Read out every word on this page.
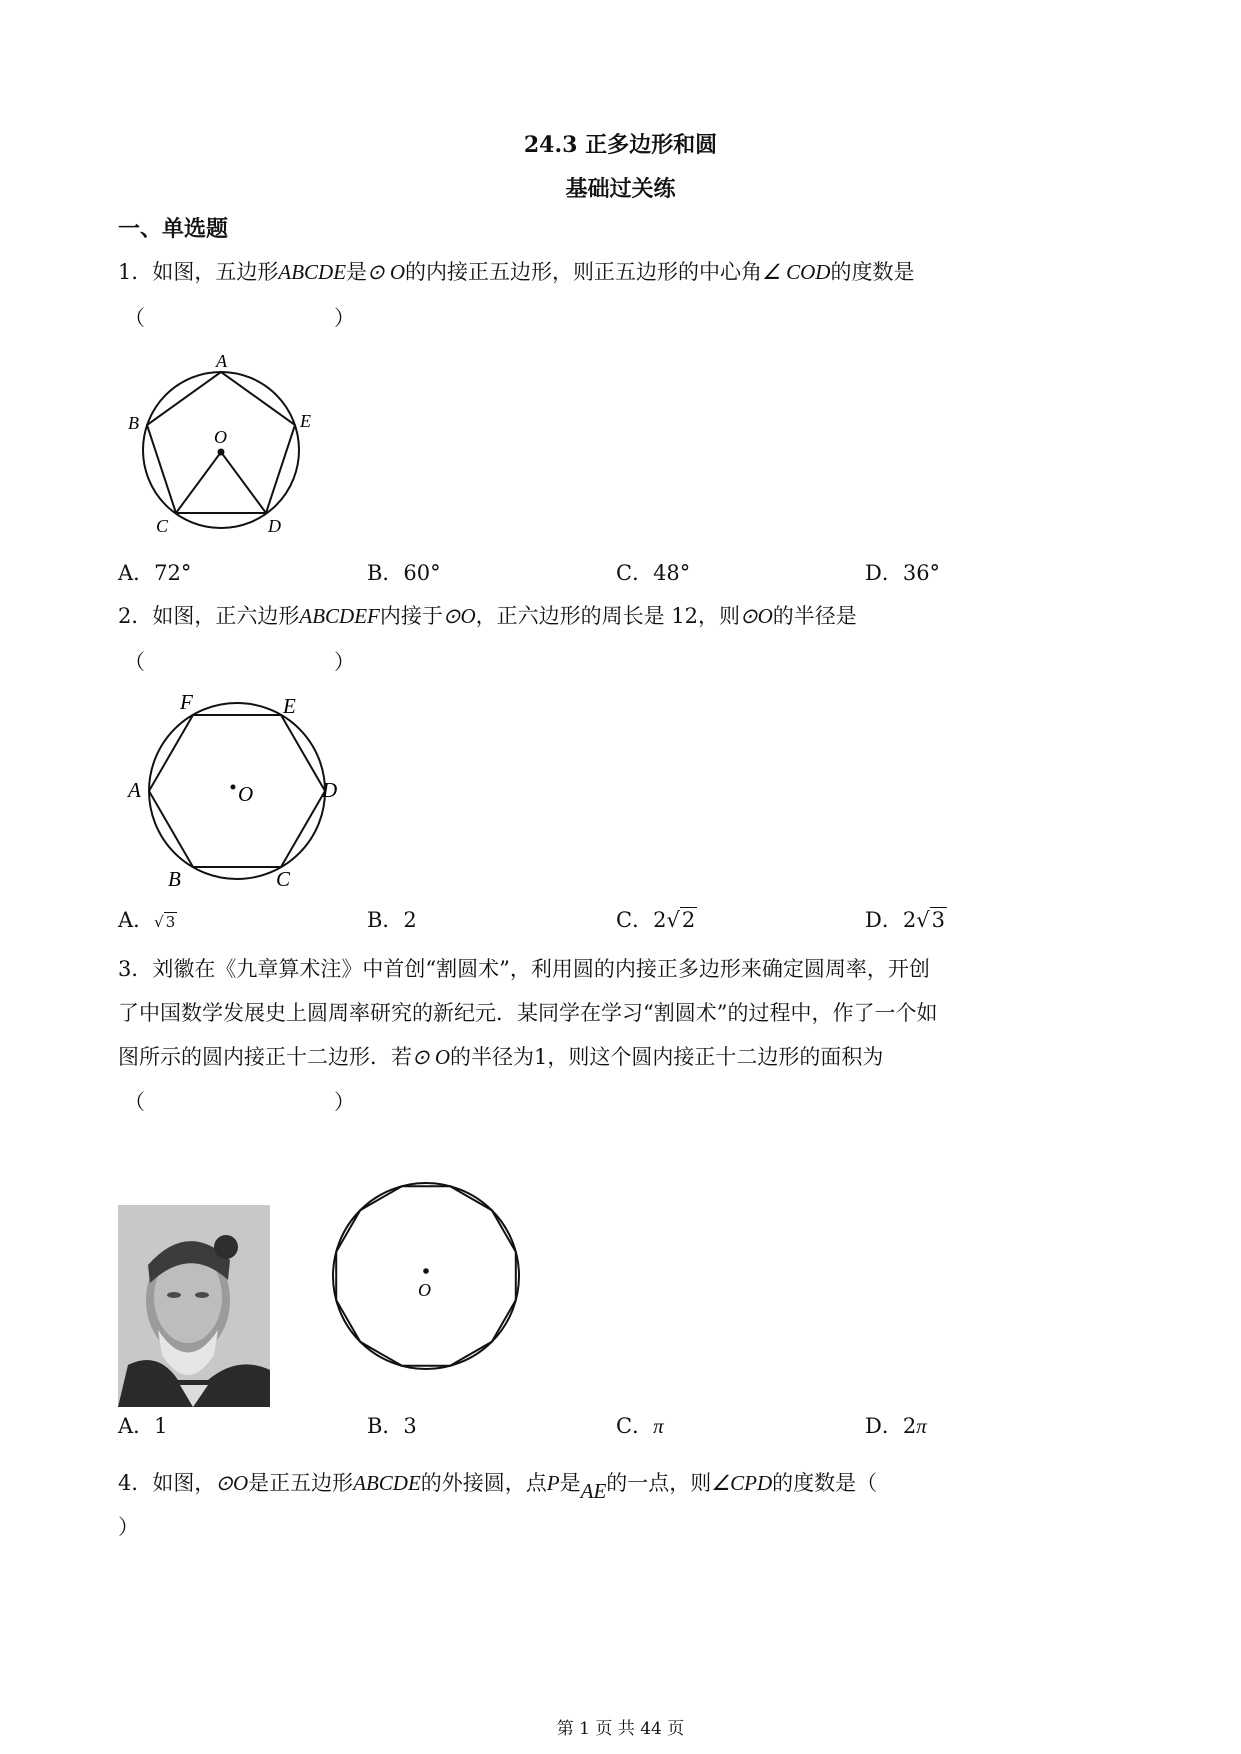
24.3 正多边形和圆
基础过关练
一、单选题
1．如图，五边形ABCDE是⊙ O的内接正五边形，则正五边形的中心角∠ COD的度数是
（　　　　　　　　　）
A
B	E
O
C	D
A．72°	B．60°	C．48°	D．36°
2．如图，正六边形ABCDEF内接于⊙O，正六边形的周长是 12，则⊙O的半径是
（　　　　　　　　　）
F	E
A	O	D
B	C
A．√ 3	B．2	C．2√2	D．2√3
3．刘徽在《九章算术注》中首创“割圆术”，利用圆的内接正多边形来确定圆周率，开创
了中国数学发展史上圆周率研究的新纪元．某同学在学习“割圆术”的过程中，作了一个如
图所示的圆内接正十二边形．若⊙ O的半径为1，则这个圆内接正十二边形的面积为
（　　　　　　　　　）
O
A．1	B．3	C．π	D．2π
4．如图，⊙O是正五边形ABCDE的外接圆，点P是AE的一点，则∠CPD的度数是（
）
第 1 页 共 44 页
